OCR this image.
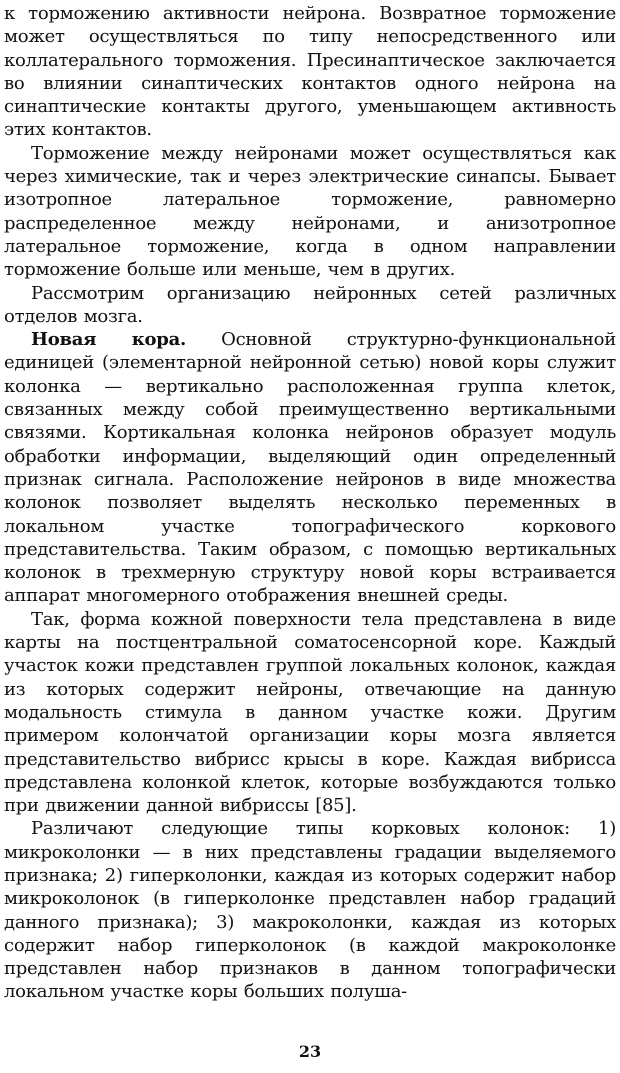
к торможению активности нейрона. Возвратное торможение может осуществляться по типу непосредственного или коллатерального торможения. Пресинаптическое заключается во влиянии синаптических контактов одного нейрона на синаптические контакты другого, уменьшающем активность этих контактов.

Торможение между нейронами может осуществляться как через химические, так и через электрические синапсы. Бывает изотропное латеральное торможение, равномерно распределенное между нейронами, и анизотропное латеральное торможение, когда в одном направлении торможение больше или меньше, чем в других.

Рассмотрим организацию нейронных сетей различных отделов мозга.

Новая кора. Основной структурно-функциональной единицей (элементарной нейронной сетью) новой коры служит колонка — вертикально расположенная группа клеток, связанных между собой преимущественно вертикальными связями. Кортикальная колонка нейронов образует модуль обработки информации, выделяющий один определенный признак сигнала. Расположение нейронов в виде множества колонок позволяет выделять несколько переменных в локальном участке топографического коркового представительства. Таким образом, с помощью вертикальных колонок в трехмерную структуру новой коры встраивается аппарат многомерного отображения внешней среды.

Так, форма кожной поверхности тела представлена в виде карты на постцентральной соматосенсорной коре. Каждый участок кожи представлен группой локальных колонок, каждая из которых содержит нейроны, отвечающие на данную модальность стимула в данном участке кожи. Другим примером колончатой организации коры мозга является представительство вибрисс крысы в коре. Каждая вибрисса представлена колонкой клеток, которые возбуждаются только при движении данной вибриссы [85].

Различают следующие типы корковых колонок: 1) микроколонки — в них представлены градации выделяемого признака; 2) гиперколонки, каждая из которых содержит набор микроколонок (в гиперколонке представлен набор градаций данного признака); 3) макроколонки, каждая из которых содержит набор гиперколонок (в каждой макроколонке представлен набор признаков в данном топографически локальном участке коры больших полуша-

23
